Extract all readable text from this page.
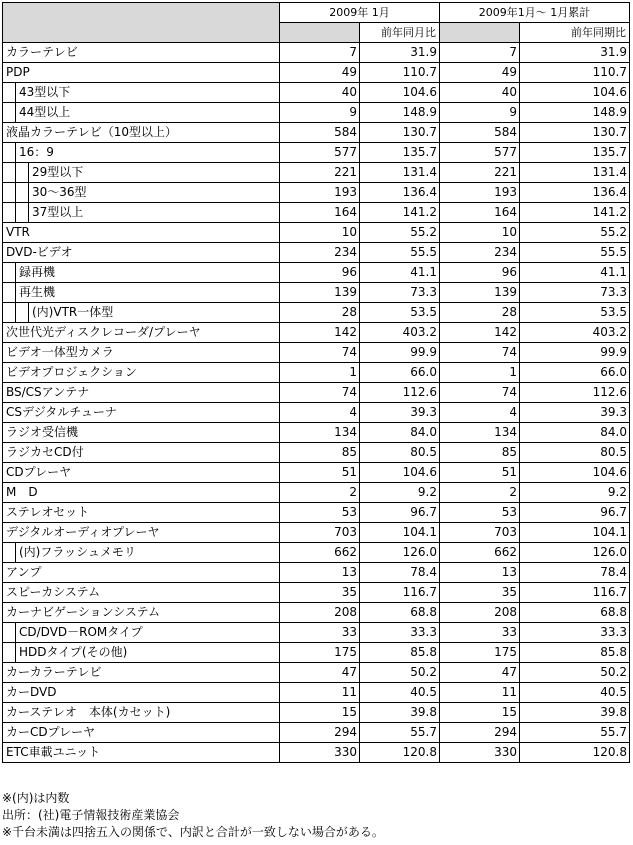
	2009年 1月		2009年1月～ 1月累計	
		前年同月比		前年同期比

カラーテレビ	7	31.9	7	31.9

PDP	49	110.7	49	110.7

43型以下	40	104.6	40	104.6

44型以上	9	148.9	9	148.9

液晶カラーテレビ（10型以上）	584	130.7	584	130.7

16：9	577	135.7	577	135.7

29型以下	221	131.4	221	131.4

30～36型	193	136.4	193	136.4

37型以上	164	141.2	164	141.2

VTR	10	55.2	10	55.2

DVD-ビデオ	234	55.5	234	55.5

録再機	96	41.1	96	41.1

再生機	139	73.3	139	73.3

(内)VTR一体型	28	53.5	28	53.5

次世代光ディスクレコーダ/プレーヤ	142	403.2	142	403.2

ビデオ一体型カメラ	74	99.9	74	99.9

ビデオプロジェクション	1	66.0	1	66.0

BS/CSアンテナ	74	112.6	74	112.6

CSデジタルチューナ	4	39.3	4	39.3

ラジオ受信機	134	84.0	134	84.0

ラジカセCD付	85	80.5	85	80.5

CDプレーヤ	51	104.6	51	104.6

M　D	2	9.2	2	9.2

ステレオセット	53	96.7	53	96.7

デジタルオーディオプレーヤ	703	104.1	703	104.1

(内)フラッシュメモリ	662	126.0	662	126.0

アンプ	13	78.4	13	78.4

スピーカシステム	35	116.7	35	116.7

カーナビゲーションシステム	208	68.8	208	68.8

CD/DVD－ROMタイプ	33	33.3	33	33.3

HDDタイプ(その他)	175	85.8	175	85.8

カーカラーテレビ	47	50.2	47	50.2

カーDVD	11	40.5	11	40.5

カーステレオ　本体(カセット)	15	39.8	15	39.8

カーCDプレーヤ	294	55.7	294	55.7

ETC車載ユニット	330	120.8	330	120.8
※(内)は内数
出所：(社)電子情報技術産業協会
※千台未満は四捨五入の関係で、内訳と合計が一致しない場合がある。
